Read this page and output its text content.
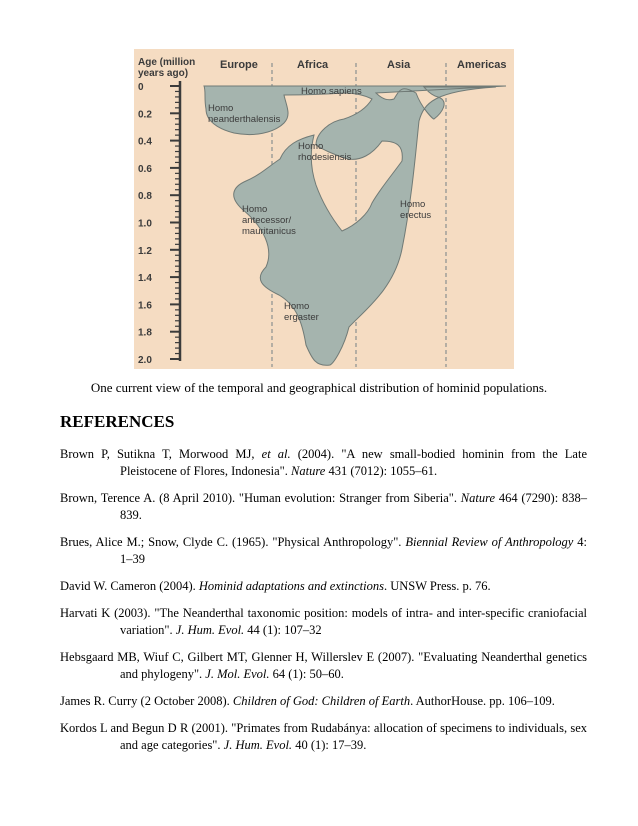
0
0.2
0.4
0.6
0.8
1.0
1.2
1.4
1.6
1.8
2.0
Age (million
years ago)
Europe	Africa	Asia	Americas
Homo sapiens
Homo
neanderthalensis
Homo
rhodesiensis
Homo
antecessor/
mauritanicus
Homo
erectus
Homo
ergaster
One current view of the temporal and geographical distribution of hominid populations.
REFERENCES
Brown P, Sutikna T, Morwood MJ, et al. (2004). "A new small-bodied hominin from the Late Pleistocene of Flores, Indonesia". Nature 431 (7012): 1055–61.
Brown, Terence A. (8 April 2010). "Human evolution: Stranger from Siberia". Nature 464 (7290): 838–839.
Brues, Alice M.; Snow, Clyde C. (1965). "Physical Anthropology". Biennial Review of Anthropology 4: 1–39
David W. Cameron (2004). Hominid adaptations and extinctions. UNSW Press. p. 76.
Harvati K (2003). "The Neanderthal taxonomic position: models of intra- and inter-specific craniofacial variation". J. Hum. Evol. 44 (1): 107–32
Hebsgaard MB, Wiuf C, Gilbert MT, Glenner H, Willerslev E (2007). "Evaluating Neanderthal genetics and phylogeny". J. Mol. Evol. 64 (1): 50–60.
James R. Curry (2 October 2008). Children of God: Children of Earth. AuthorHouse. pp. 106–109.
Kordos L and Begun D R (2001). "Primates from Rudabánya: allocation of specimens to individuals, sex and age categories". J. Hum. Evol. 40 (1): 17–39.
